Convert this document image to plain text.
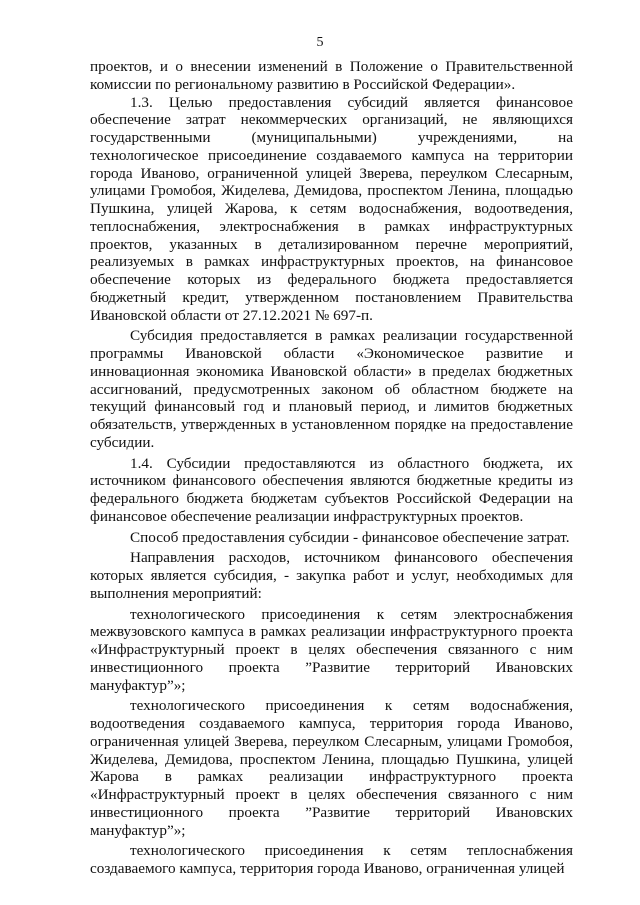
5

проектов, и о внесении изменений в Положение о Правительственной комиссии по региональному развитию в Российской Федерации».

1.3. Целью предоставления субсидий является финансовое обеспечение затрат некоммерческих организаций, не являющихся государственными (муниципальными) учреждениями, на технологическое присоединение создаваемого кампуса на территории города Иваново, ограниченной улицей Зверева, переулком Слесарным, улицами Громобоя, Жиделева, Демидова, проспектом Ленина, площадью Пушкина, улицей Жарова, к сетям водоснабжения, водоотведения, теплоснабжения, электроснабжения в рамках инфраструктурных проектов, указанных в детализированном перечне мероприятий, реализуемых в рамках инфраструктурных проектов, на финансовое обеспечение которых из федерального бюджета предоставляется бюджетный кредит, утвержденном постановлением Правительства Ивановской области от 27.12.2021 № 697-п.

Субсидия предоставляется в рамках реализации государственной программы Ивановской области «Экономическое развитие и инновационная экономика Ивановской области» в пределах бюджетных ассигнований, предусмотренных законом об областном бюджете на текущий финансовый год и плановый период, и лимитов бюджетных обязательств, утвержденных в установленном порядке на предоставление субсидии.

1.4. Субсидии предоставляются из областного бюджета, их источником финансового обеспечения являются бюджетные кредиты из федерального бюджета бюджетам субъектов Российской Федерации на финансовое обеспечение реализации инфраструктурных проектов.

Способ предоставления субсидии - финансовое обеспечение затрат.

Направления расходов, источником финансового обеспечения которых является субсидия, - закупка работ и услуг, необходимых для выполнения мероприятий:

технологического присоединения к сетям электроснабжения межвузовского кампуса в рамках реализации инфраструктурного проекта «Инфраструктурный проект в целях обеспечения связанного с ним инвестиционного проекта ”Развитие территорий Ивановских мануфактур”»;

технологического присоединения к сетям водоснабжения, водоотведения создаваемого кампуса, территория города Иваново, ограниченная улицей Зверева, переулком Слесарным, улицами Громобоя, Жиделева, Демидова, проспектом Ленина, площадью Пушкина, улицей Жарова в рамках реализации инфраструктурного проекта «Инфраструктурный проект в целях обеспечения связанного с ним инвестиционного проекта ”Развитие территорий Ивановских мануфактур”»;

технологического присоединения к сетям теплоснабжения создаваемого кампуса, территория города Иваново, ограниченная улицей
